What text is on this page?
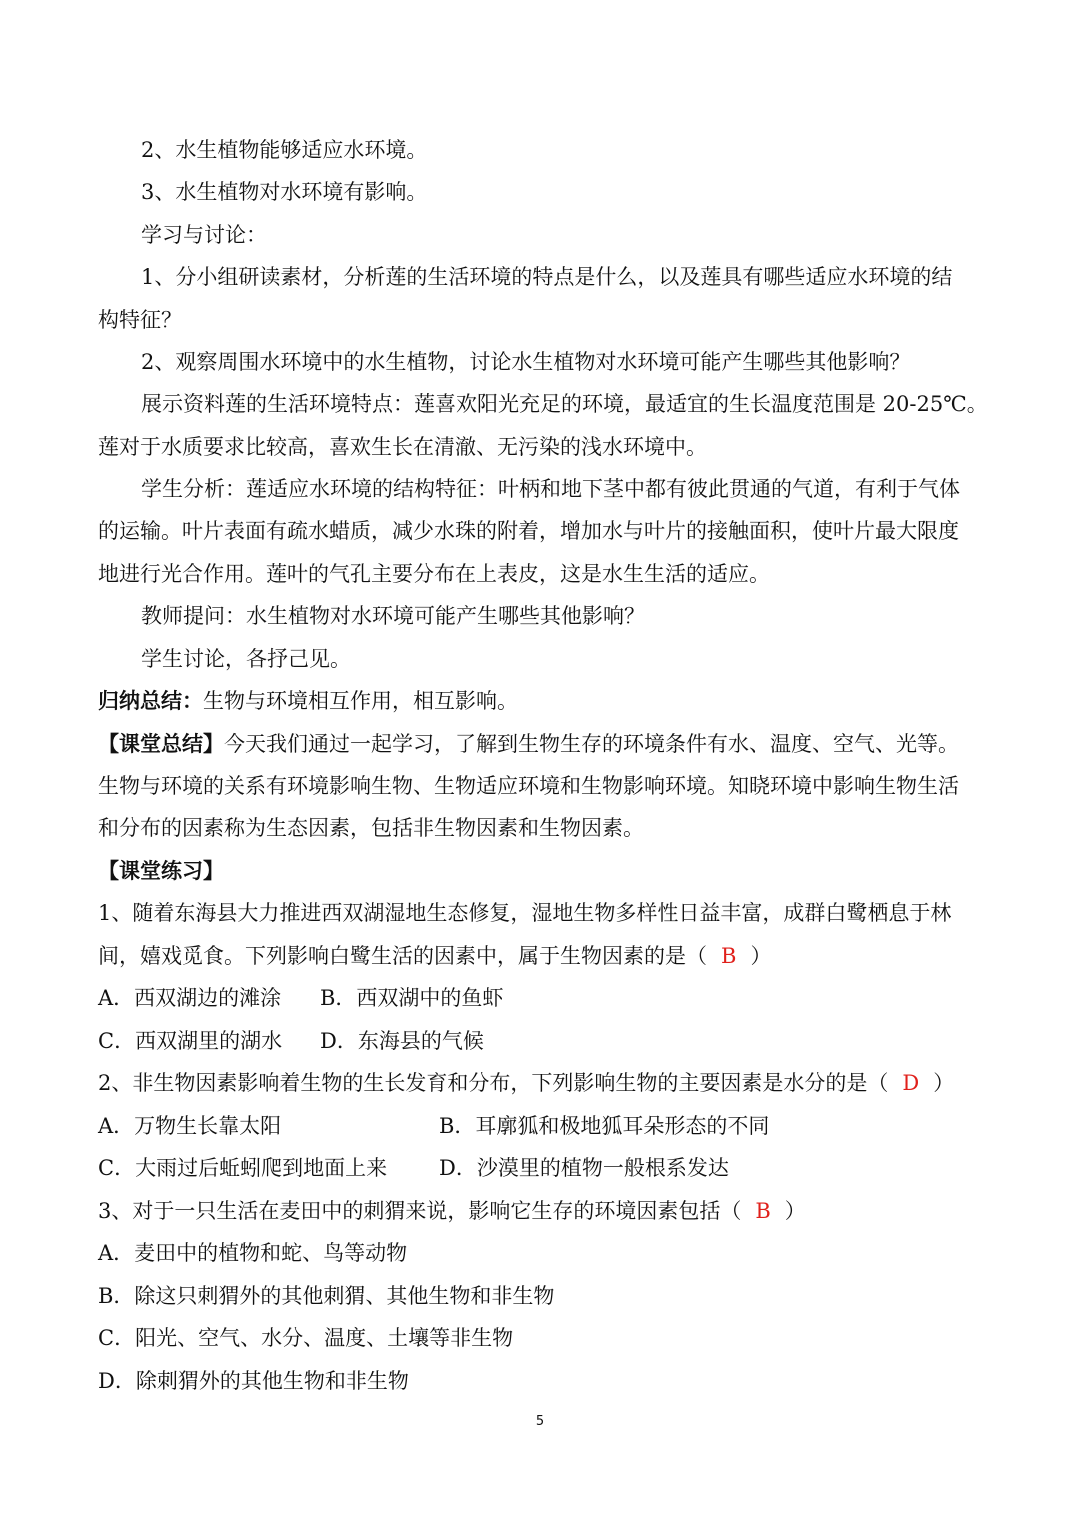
2、水生植物能够适应水环境。
3、水生植物对水环境有影响。
学习与讨论：
1、分小组研读素材，分析莲的生活环境的特点是什么，以及莲具有哪些适应水环境的结
构特征？
2、观察周围水环境中的水生植物，讨论水生植物对水环境可能产生哪些其他影响？
展示资料莲的生活环境特点：莲喜欢阳光充足的环境，最适宜的生长温度范围是 20-25℃。
莲对于水质要求比较高，喜欢生长在清澈、无污染的浅水环境中。
学生分析：莲适应水环境的结构特征：叶柄和地下茎中都有彼此贯通的气道，有利于气体
的运输。叶片表面有疏水蜡质，减少水珠的附着，增加水与叶片的接触面积，使叶片最大限度
地进行光合作用。莲叶的气孔主要分布在上表皮，这是水生生活的适应。
教师提问：水生植物对水环境可能产生哪些其他影响？
学生讨论，各抒己见。
归纳总结：生物与环境相互作用，相互影响。
【课堂总结】今天我们通过一起学习，了解到生物生存的环境条件有水、温度、空气、光等。
生物与环境的关系有环境影响生物、生物适应环境和生物影响环境。知晓环境中影响生物生活
和分布的因素称为生态因素，包括非生物因素和生物因素。
【课堂练习】
1、随着东海县大力推进西双湖湿地生态修复，湿地生物多样性日益丰富，成群白鹭栖息于林
间，嬉戏觅食。下列影响白鹭生活的因素中，属于生物因素的是（ B ）
A．西双湖边的滩涂 B．西双湖中的鱼虾
C．西双湖里的湖水 D．东海县的气候
2、非生物因素影响着生物的生长发育和分布，下列影响生物的主要因素是水分的是（ D ）
A．万物生长靠太阳	B．耳廓狐和极地狐耳朵形态的不同
C．大雨过后蚯蚓爬到地面上来 D．沙漠里的植物一般根系发达
3、对于一只生活在麦田中的刺猬来说，影响它生存的环境因素包括（ B ）
A．麦田中的植物和蛇、鸟等动物
B．除这只刺猬外的其他刺猬、其他生物和非生物
C．阳光、空气、水分、温度、土壤等非生物
D．除刺猬外的其他生物和非生物
5
